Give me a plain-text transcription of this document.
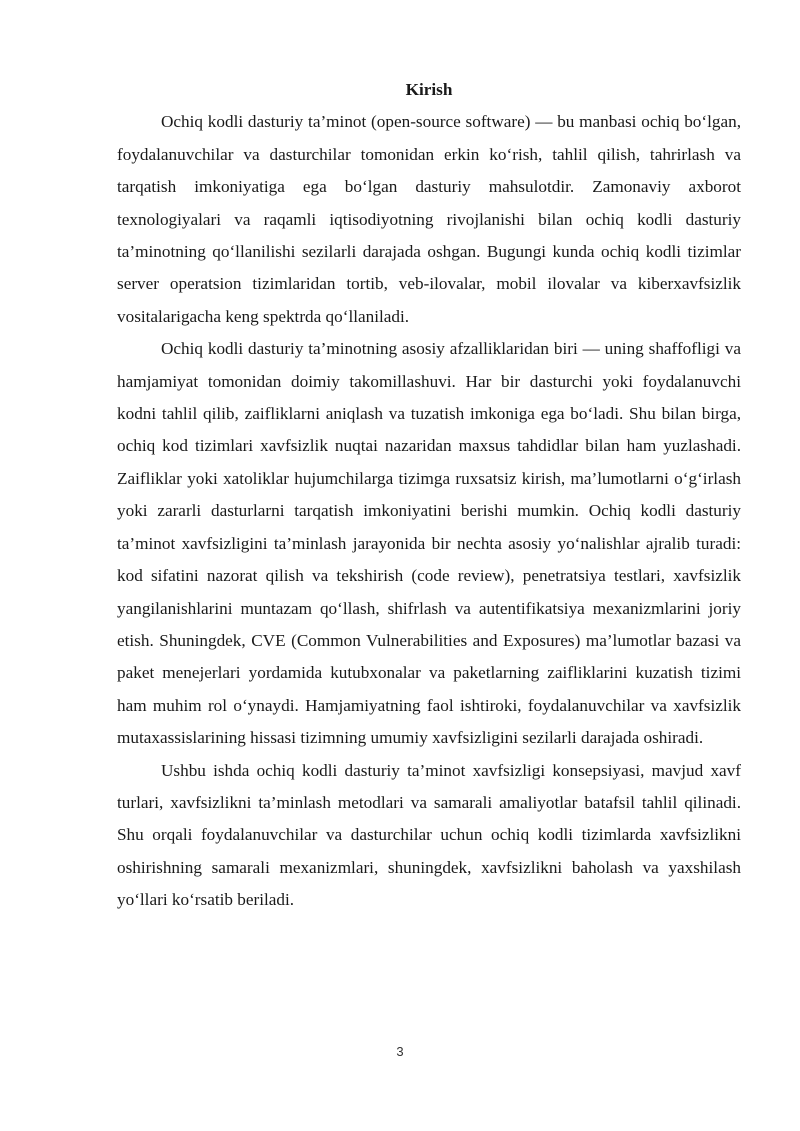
Kirish

Ochiq kodli dasturiy ta’minot (open-source software) — bu manbasi ochiq bo‘lgan, foydalanuvchilar va dasturchilar tomonidan erkin ko‘rish, tahlil qilish, tahrirlash va tarqatish imkoniyatiga ega bo‘lgan dasturiy mahsulotdir. Zamonaviy axborot texnologiyalari va raqamli iqtisodiyotning rivojlanishi bilan ochiq kodli dasturiy ta’minotning qo‘llanilishi sezilarli darajada oshgan. Bugungi kunda ochiq kodli tizimlar server operatsion tizimlaridan tortib, veb-ilovalar, mobil ilovalar va kiberxavfsizlik vositalarigacha keng spektrda qo‘llaniladi.

Ochiq kodli dasturiy ta’minotning asosiy afzalliklaridan biri — uning shaffofligi va hamjamiyat tomonidan doimiy takomillashuvi. Har bir dasturchi yoki foydalanuvchi kodni tahlil qilib, zaifliklarni aniqlash va tuzatish imkoniga ega bo‘ladi. Shu bilan birga, ochiq kod tizimlari xavfsizlik nuqtai nazaridan maxsus tahdidlar bilan ham yuzlashadi. Zaifliklar yoki xatoliklar hujumchilarga tizimga ruxsatsiz kirish, ma’lumotlarni o‘g‘irlash yoki zararli dasturlarni tarqatish imkoniyatini berishi mumkin. Ochiq kodli dasturiy ta’minot xavfsizligini ta’minlash jarayonida bir nechta asosiy yo‘nalishlar ajralib turadi: kod sifatini nazorat qilish va tekshirish (code review), penetratsiya testlari, xavfsizlik yangilanishlarini muntazam qo‘llash, shifrlash va autentifikatsiya mexanizmlarini joriy etish. Shuningdek, CVE (Common Vulnerabilities and Exposures) ma’lumotlar bazasi va paket menejerlari yordamida kutubxonalar va paketlarning zaifliklarini kuzatish tizimi ham muhim rol o‘ynaydi. Hamjamiyatning faol ishtiroki, foydalanuvchilar va xavfsizlik mutaxassislarining hissasi tizimning umumiy xavfsizligini sezilarli darajada oshiradi.

Ushbu ishda ochiq kodli dasturiy ta’minot xavfsizligi konsepsiyasi, mavjud xavf turlari, xavfsizlikni ta’minlash metodlari va samarali amaliyotlar batafsil tahlil qilinadi. Shu orqali foydalanuvchilar va dasturchilar uchun ochiq kodli tizimlarda xavfsizlikni oshirishning samarali mexanizmlari, shuningdek, xavfsizlikni baholash va yaxshilash yo‘llari ko‘rsatib beriladi.

3
